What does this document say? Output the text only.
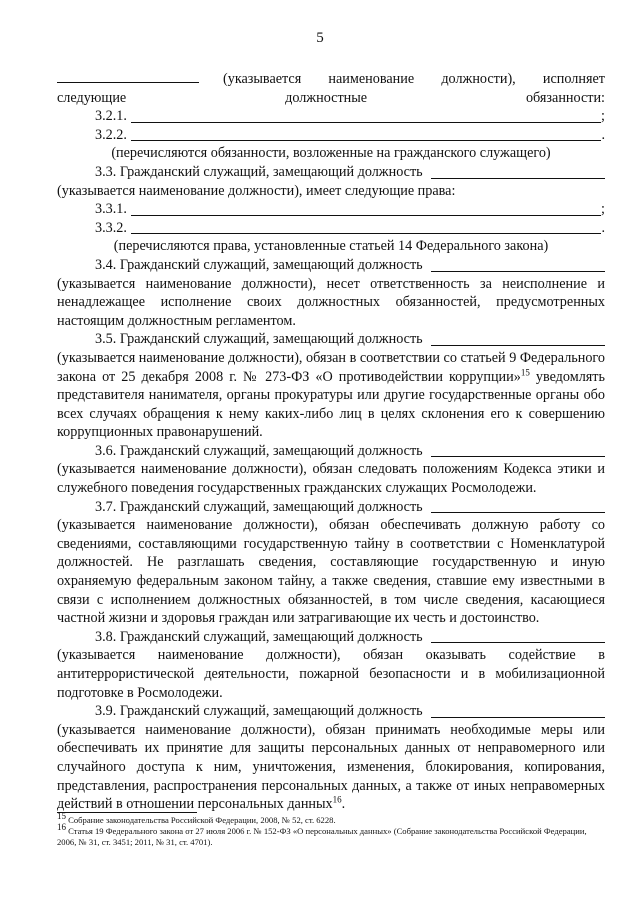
5

(указывается наименование должности), исполняет следующие должностные обязанности:

3.2.1.	;
3.2.2.	.

(перечисляются обязанности, возложенные на гражданского служащего)

3.3. Гражданский служащий, замещающий должность

(указывается наименование должности), имеет следующие права:

3.3.1.	;
3.3.2.	.

(перечисляются права, установленные статьей 14 Федерального закона)

3.4. Гражданский служащий, замещающий должность

(указывается наименование должности), несет ответственность за неисполнение и ненадлежащее исполнение своих должностных обязанностей, предусмотренных настоящим должностным регламентом.

3.5. Гражданский служащий, замещающий должность

(указывается наименование должности), обязан в соответствии со статьей 9 Федерального закона от 25 декабря 2008 г. № 273-ФЗ «О противодействии коррупции»$^{15}$ уведомлять представителя нанимателя, органы прокуратуры или другие государственные органы обо всех случаях обращения к нему каких-либо лиц в целях склонения его к совершению коррупционных правонарушений.

3.6. Гражданский служащий, замещающий должность

(указывается наименование должности), обязан следовать положениям Кодекса этики и служебного поведения государственных гражданских служащих Росмолодежи.

3.7. Гражданский служащий, замещающий должность

(указывается наименование должности), обязан обеспечивать должную работу со сведениями, составляющими государственную тайну в соответствии с Номенклатурой должностей. Не разглашать сведения, составляющие государственную и иную охраняемую федеральным законом тайну, а также сведения, ставшие ему известными в связи с исполнением должностных обязанностей, в том числе сведения, касающиеся частной жизни и здоровья граждан или затрагивающие их честь и достоинство.

3.8. Гражданский служащий, замещающий должность

(указывается наименование должности), обязан оказывать содействие в антитеррористической деятельности, пожарной безопасности и в мобилизационной подготовке в Росмолодежи.

3.9. Гражданский служащий, замещающий должность

(указывается наименование должности), обязан принимать необходимые меры или обеспечивать их принятие для защиты персональных данных от неправомерного или случайного доступа к ним, уничтожения, изменения, блокирования, копирования, представления, распространения персональных данных, а также от иных неправомерных действий в отношении персональных данных$^{16}$.

$^{15}$ Собрание законодательства Российской Федерации, 2008, № 52, ст. 6228.

$^{16}$ Статья 19 Федерального закона от 27 июля 2006 г. № 152-ФЗ «О персональных данных» (Собрание законодательства Российской Федерации, 2006, № 31, ст. 3451; 2011, № 31, ст. 4701).
